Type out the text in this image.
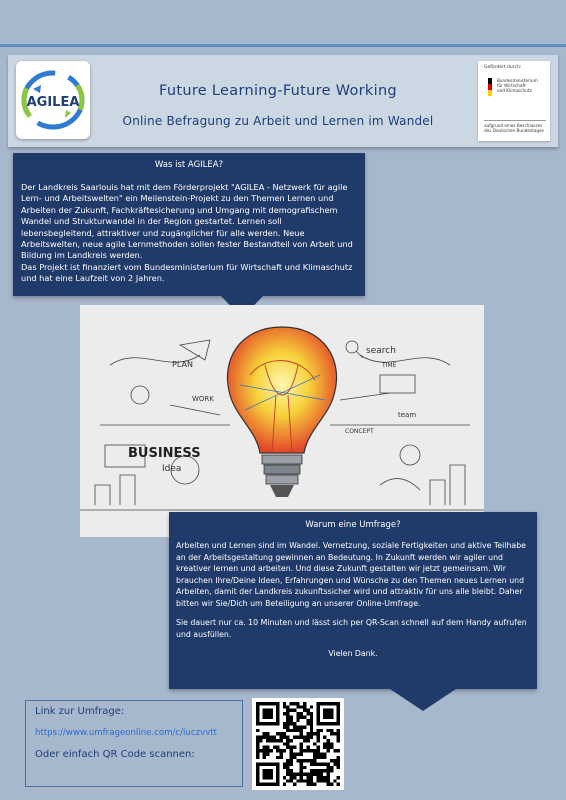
AGILEA
Future Learning-Future Working
Online Befragung zu Arbeit und Lernen im Wandel
Gefördert durch:
Bundesministerium
für Wirtschaft
und Klimaschutz
aufgrund eines Beschlusses
des Deutschen Bundestages
Was ist AGILEA?
Der Landkreis Saarlouis hat mit dem Förderprojekt "AGILEA - Netzwerk für agile Lern- und Arbeitswelten" ein Meilenstein-Projekt zu den Themen Lernen und Arbeiten der Zukunft, Fachkräftesicherung und Umgang mit demografischem Wandel und Strukturwandel in der Region gestartet. Lernen soll lebensbegleitend, attraktiver und zugänglicher für alle werden. Neue Arbeitswelten, neue agile Lernmethoden sollen fester Bestandteil von Arbeit und Bildung im Landkreis werden.
Das Projekt ist finanziert vom Bundesministerium für Wirtschaft und Klimaschutz und hat eine Laufzeit von 2 Jahren.
search
BUSINESS
Idea
PLAN
WORK
team
CONCEPT
TIME
Warum eine Umfrage?

Arbeiten und Lernen sind im Wandel. Vernetzung, soziale Fertigkeiten und aktive Teilhabe an der Arbeitsgestaltung gewinnen an Bedeutung. In Zukunft werden wir agiler und kreativer lernen und arbeiten. Und diese Zukunft gestalten wir jetzt gemeinsam. Wir brauchen Ihre/Deine Ideen, Erfahrungen und Wünsche zu den Themen neues Lernen und Arbeiten, damit der Landkreis zukunftssicher wird und attraktiv für uns alle bleibt. Daher bitten wir Sie/Dich um Beteiligung an unserer Online-Umfrage.

Sie dauert nur ca. 10 Minuten und lässt sich per QR-Scan schnell auf dem Handy aufrufen und ausfüllen.

Vielen Dank.

Link zur Umfrage:
https://www.umfrageonline.com/c/iuczvvtt
Oder einfach QR Code scannen:
